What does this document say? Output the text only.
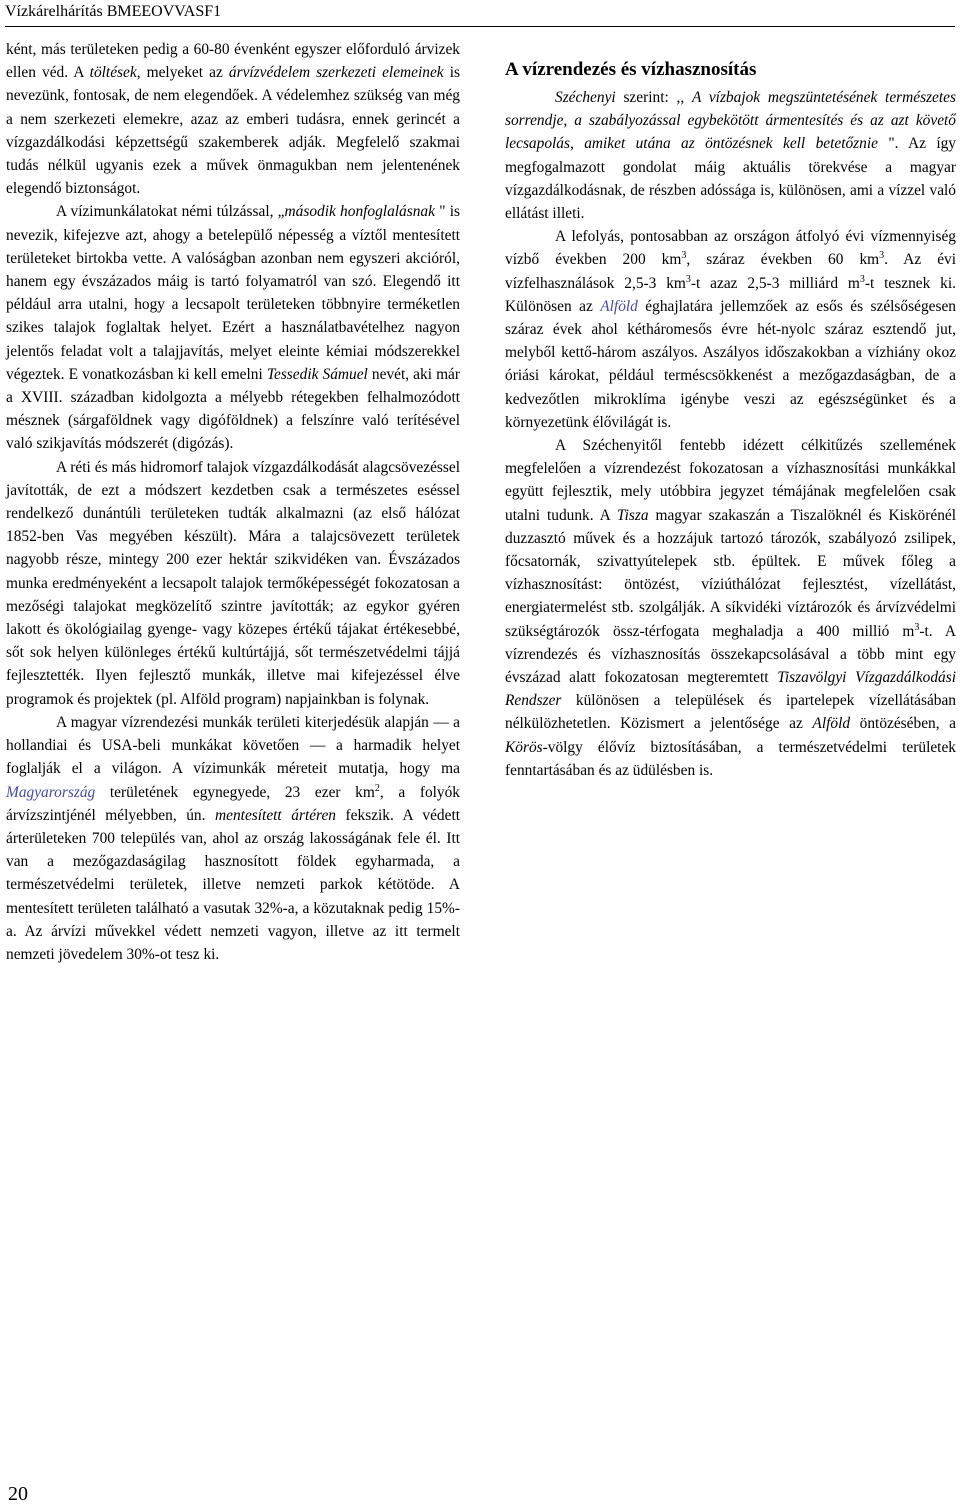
Vízkárelhárítás BMEEOVVASF1

ként, más területeken pedig a 60-80 évenként egyszer előforduló árvizek ellen véd. A töltések, melyeket az árvízvédelem szerkezeti elemeinek is nevezünk, fontosak, de nem elegendőek. A védelemhez szükség van még a nem szerkezeti elemekre, azaz az emberi tudásra, ennek gerincét a vízgazdálkodási képzettségű szakemberek adják. Megfelelő szakmai tudás nélkül ugyanis ezek a művek önmagukban nem jelentenének elegendő biztonságot.

A vízimunkálatokat némi túlzással, „második honfoglalásnak " is nevezik, kifejezve azt, ahogy a betelepülő népesség a víztől mentesített területeket birtokba vette. A valóságban azonban nem egyszeri akcióról, hanem egy évszázados máig is tartó folyamatról van szó. Elegendő itt például arra utalni, hogy a lecsapolt területeken többnyire terméketlen szikes talajok foglaltak helyet. Ezért a használatbavételhez nagyon jelentős feladat volt a talajjavítás, melyet eleinte kémiai módszerekkel végeztek. E vonatkozásban ki kell emelni Tessedik Sámuel nevét, aki már a XVIII. században kidolgozta a mélyebb rétegekben felhalmozódott mésznek (sárgaföldnek vagy digóföldnek) a felszínre való terítésével való szikjavítás módszerét (digózás).

A réti és más hidromorf talajok vízgazdálkodását alagcsövezéssel javították, de ezt a módszert kezdetben csak a természetes eséssel rendelkező dunántúli területeken tudták alkalmazni (az első hálózat 1852-ben Vas megyében készült). Mára a talajcsövezett területek nagyobb része, mintegy 200 ezer hektár szikvidéken van. Évszázados munka eredményeként a lecsapolt talajok termőképességét fokozatosan a mezőségi talajokat megközelítő szintre javították; az egykor gyéren lakott és ökológiailag gyenge- vagy közepes értékű tájakat értékesebbé, sőt sok helyen különleges értékű kultúrtájjá, sőt természetvédelmi tájjá fejlesztették. Ilyen fejlesztő munkák, illetve mai kifejezéssel élve programok és projektek (pl. Alföld program) napjainkban is folynak.

A magyar vízrendezési munkák területi kiterjedésük alapján — a hollandiai és USA-beli munkákat követően — a harmadik helyet foglalják el a világon. A vízimunkák méreteit mutatja, hogy ma Magyarország területének egynegyede, 23 ezer $km^2$, a folyók árvízszintjénél mélyebben, ún. mentesített ártéren fekszik. A védett árterületeken 700 település van, ahol az ország lakosságának fele él. Itt van a mezőgazdaságilag hasznosított földek egyharmada, a természetvédelmi területek, illetve nemzeti parkok kétötöde. A mentesített területen található a vasutak 32%-a, a közutaknak pedig 15%-a. Az árvízi művekkel védett nemzeti vagyon, illetve az itt termelt nemzeti jövedelem 30%-ot tesz ki.

A vízrendezés és vízhasznosítás

Széchenyi szerint: ,, A vízbajok megszüntetésének természetes sorrendje, a szabályozással egybekötött ármentesítés és az azt követő lecsapolás, amiket utána az öntözésnek kell betetőznie ". Az így megfogalmazott gondolat máig aktuális törekvése a magyar vízgazdálkodásnak, de részben adóssága is, különösen, ami a vízzel való ellátást illeti.

A lefolyás, pontosabban az országon átfolyó évi vízmennyiség vízbő években 200 $km^3$, száraz években 60 $km^3$. Az évi vízfelhasználások 2,5-3 $km^3-t$ azaz 2,5-3 milliárd $m^3-t$ tesznek ki. Különösen az Alföld éghajlatára jellemzőek az esős és szélsőségesen száraz évek ahol kétháromesős évre hét-nyolc száraz esztendő jut, melyből kettő-három aszályos. Aszályos időszakokban a vízhiány okoz óriási károkat, például terméscsökkenést a mezőgazdaságban, de a kedvezőtlen mikroklíma igénybe veszi az egészségünket és a környezetünk élővilágát is.

A Széchenyitől fentebb idézett célkitűzés szellemének megfelelően a vízrendezést fokozatosan a vízhasznosítási munkákkal együtt fejlesztik, mely utóbbira jegyzet témájának megfelelően csak utalni tudunk. A Tisza magyar szakaszán a Tiszalöknél és Kiskörénél duzzasztó művek és a hozzájuk tartozó tározók, szabályozó zsilipek, főcsatornák, szivattyútelepek stb. épültek. E művek főleg a vízhasznosítást: öntözést, víziúthálózat fejlesztést, vízellátást, energiatermelést stb. szolgálják. A síkvidéki víztározók és árvízvédelmi szükségtározók össz-térfogata meghaladja a 400 millió $m^3-t$. A vízrendezés és vízhasznosítás összekapcsolásával a több mint egy évszázad alatt fokozatosan megteremtett Tiszavölgyi Vízgazdálkodási Rendszer különösen a települések és ipartelepek vízellátásában nélkülözhetetlen. Közismert a jelentősége az Alföld öntözésében, a Körös-völgy élővíz biztosításában, a természetvédelmi területek fenntartásában és az üdülésben is.

20
